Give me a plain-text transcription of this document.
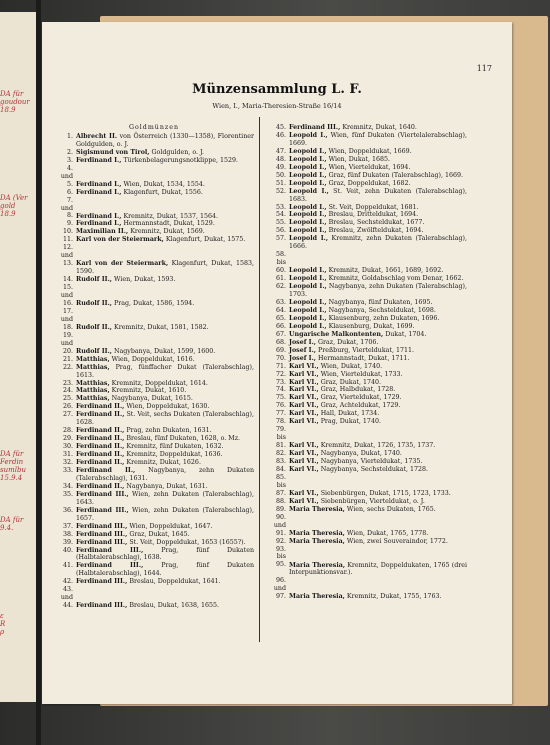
DA für
goudour
18.9
DA (Ver
gold
18.9
DA für
Ferdin
sumlbu
15.9.4
DA für
9.4.
ε
R
ρ
117
Münzensammlung L. F.
Wien, I., Maria-Theresien-Straße 16/14
Goldmünzen
1. Albrecht II. von Österreich (1330—1358), Florentiner Goldgulden, o. J.
2. Sigismund von Tirol, Goldgulden, o. J.
3. Ferdinand I., Türkenbelagerungsnotklippe, 1529.
4. und 5. Ferdinand I., Wien, Dukat, 1534, 1554.
6. Ferdinand I., Klagenfurt, Dukat, 1556.
7. und 8. Ferdinand I., Kremnitz, Dukat, 1537, 1564.
9. Ferdinand I., Hermannstadt, Dukat, 1529.
10. Maximilian II., Kremnitz, Dukat, 1569.
11. Karl von der Steiermark, Klagenfurt, Dukat, 1575.
12. und 13. Karl von der Steiermark, Klagenfurt, Dukat, 1583, 1590.
14. Rudolf II., Wien, Dukat, 1593.
15. und 16. Rudolf II., Prag, Dukat, 1586, 1594.
17. und 18. Rudolf II., Kremnitz, Dukat, 1581, 1582.
19. und 20. Rudolf II., Nagybanya, Dukat, 1599, 1600.
21. Matthias, Wien, Doppeldukat, 1616.
22. Matthias, Prag, fünffacher Dukat (Talerabschlag), 1613.
23. Matthias, Kremnitz, Doppeldukat, 1614.
24. Matthias, Kremnitz, Dukat, 1610.
25. Matthias, Nagybanya, Dukat, 1615.
26. Ferdinand II., Wien, Doppeldukat, 1630.
27. Ferdinand II., St. Veit, sechs Dukaten (Talerabschlag), 1628.
28. Ferdinand II., Prag, zehn Dukaten, 1631.
29. Ferdinand II., Breslau, fünf Dukaten, 1628, o. Mz.
30. Ferdinand II., Kremnitz, fünf Dukaten, 1632.
31. Ferdinand II., Kremnitz, Doppeldukat, 1636.
32. Ferdinand II., Kremnitz, Dukat, 1626.
33. Ferdinand II., Nagybanya, zehn Dukaten (Talerabschlag), 1631.
34. Ferdinand II., Nagybanya, Dukat, 1631.
35. Ferdinand III., Wien, zehn Dukaten (Talerabschlag), 1643.
36. Ferdinand III., Wien, zehn Dukaten (Talerabschlag), 1657.
37. Ferdinand III., Wien, Doppeldukat, 1647.
38. Ferdinand III., Graz, Dukat, 1645.
39. Ferdinand III., St. Veit, Doppeldukat, 1653 (1655?).
40. Ferdinand III.,	Prag, fünf Dukaten (Halbtalerabschlag), 1638.
41. Ferdinand III.,	Prag, fünf Dukaten (Halbtalerabschlag), 1644.
42. Ferdinand III., Breslau, Doppeldukat, 1641.
43. und 44. Ferdinand III., Breslau, Dukat, 1638, 1655.
45. Ferdinand III., Kremnitz, Dukat, 1640.
46. Leopold I., Wien, fünf Dukaten (Viertelalerabschlag), 1669.
47. Leopold I., Wien, Doppeldukat, 1669.
48. Leopold I., Wien, Dukat, 1685.
49. Leopold I., Wien, Vierteldukat, 1694.
50. Leopold I., Graz, fünf Dukaten (Talerabschlag), 1669.
51. Leopold I., Graz, Doppeldukat, 1682.
52. Leopold I., St. Veit, zehn Dukaten (Talerabschlag), 1683.
53. Leopold I., St. Veit, Doppeldukat, 1681.
54. Leopold I., Breslau, Dritteldukat, 1694.
55. Leopold I., Breslau, Sechsteldukat, 1677.
56. Leopold I., Breslau, Zwölfteldukat, 1694.
57. Leopold I., Kremnitz, zehn Dukaten (Talerabschlag), 1666.
58. bis 60. Leopold I., Kremnitz, Dukat, 1661, 1689, 1692.
61. Leopold I., Kremnitz, Goldabschlag vom Denar, 1662.
62. Leopold I., Nagybanya, zehn Dukaten (Talerabschlag), 1703.
63. Leopold I., Nagybanya, fünf Dukaten, 1695.
64. Leopold I., Nagybanya, Sechsteldukat, 1698.
65. Leopold I., Klausenburg, zehn Dukaten, 1696.
66. Leopold I., Klausenburg, Dukat, 1699.
67. Ungarische Malkontenten, Dukat, 1704.
68. Josef I., Graz, Dukat, 1706.
69. Josef I., Preßburg, Vierteldukat, 1711.
70. Josef I., Hermannstadt, Dukat, 1711.
71. Karl VI., Wien, Dukat, 1740.
72. Karl VI., Wien, Vierteldukat, 1733.
73. Karl VI., Graz, Dukat, 1740.
74. Karl VI., Graz, Halbdukat, 1728.
75. Karl VI., Graz, Vierteldukat, 1729.
76. Karl VI., Graz, Achteldukat, 1729.
77. Karl VI., Hall, Dukat, 1734.
78. Karl VI., Prag, Dukat, 1740.
79. bis 81. Karl VI., Kremnitz, Dukat, 1726, 1735, 1737.
82. Karl VI., Nagybanya, Dukat, 1740.
83. Karl VI., Nagybanya, Vierteldukat, 1735.
84. Karl VI., Nagybanya, Sechsteldukat, 1728.
85. bis 87. Karl VI., Siebenbürgen, Dukat, 1715, 1723, 1733.
88. Karl VI., Siebenbürgen, Vierteldukat, o. J.
89. Maria Theresia, Wien, sechs Dukaten, 1765.
90. und 91. Maria Theresia, Wien, Dukat, 1765, 1778.
92. Maria Theresia, Wien, zwei Souveraindor, 1772.
93. bis 95. Maria Theresia, Kremnitz, Doppeldukaten, 1765 (drei Interpunktionsvar.).
96. und 97. Maria Theresia, Kremnitz, Dukat, 1755, 1763.
